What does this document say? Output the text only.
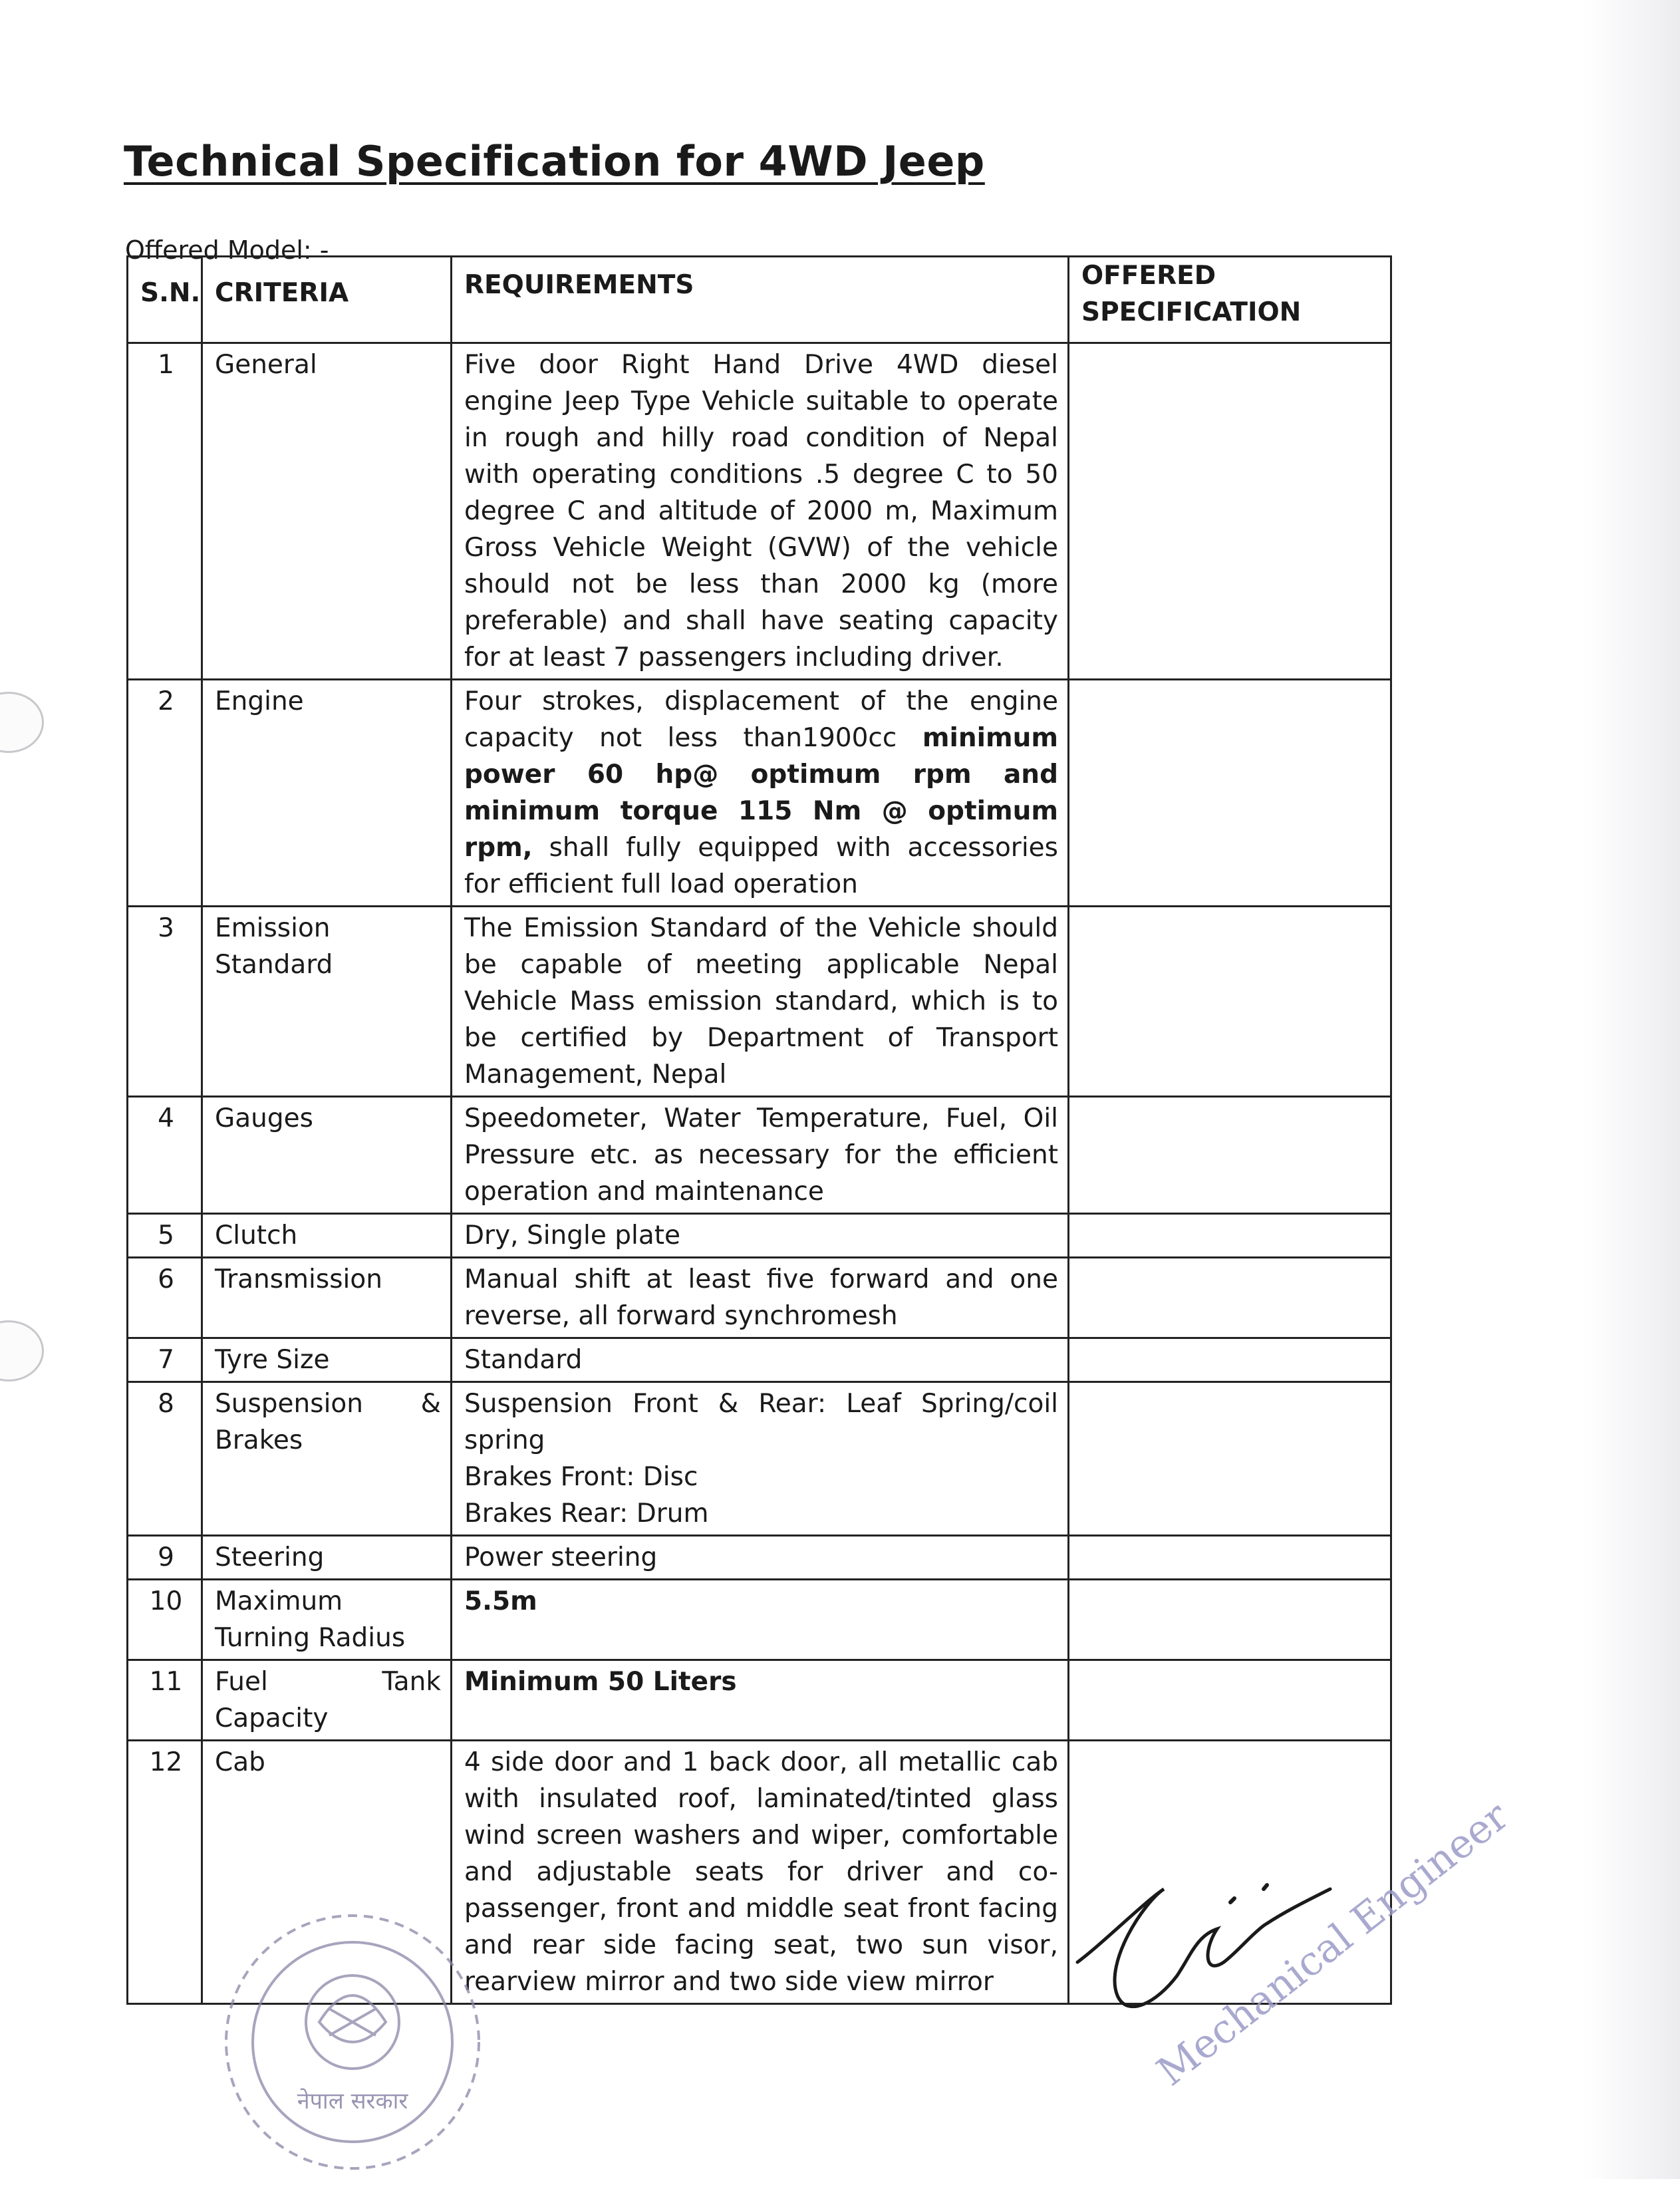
Technical Specification for 4WD Jeep
Offered Model: -
S.N.	CRITERIA	REQUIREMENTS	OFFERED SPECIFICATION
1	General	Five door Right Hand Drive 4WD diesel engine Jeep Type Vehicle suitable to operate in rough and hilly road condition of Nepal with operating conditions .5 degree C to 50 degree C and altitude of 2000 m, Maximum Gross Vehicle Weight (GVW) of the vehicle should not be less than 2000 kg (more preferable) and shall have seating capacity for at least 7 passengers including driver.	
2	Engine	Four strokes, displacement of the engine capacity not less than1900cc minimum power 60 hp@ optimum rpm and minimum torque 115 Nm @ optimum rpm, shall fully equipped with accessories for efficient full load operation	
3	Emission Standard	The Emission Standard of the Vehicle should be capable of meeting applicable Nepal Vehicle Mass emission standard, which is to be certified by Department of Transport Management, Nepal	
4	Gauges	Speedometer, Water Temperature, Fuel, Oil Pressure etc. as necessary for the efficient operation and maintenance	
5	Clutch	Dry, Single plate	
6	Transmission	Manual shift at least five forward and one reverse, all forward synchromesh	
7	Tyre Size	Standard	
8	Suspension & Brakes	Suspension Front & Rear: Leaf Spring/coil spring
Brakes Front: Disc
Brakes Rear: Drum	

9	Steering	Power steering	
10	Maximum Turning Radius	5.5m	
11	Fuel Tank Capacity	Minimum 50 Liters	
12	Cab	4 side door and 1 back door, all metallic cab with insulated roof, laminated/tinted glass wind screen washers and wiper, comfortable and adjustable seats for driver and co-passenger, front and middle seat front facing and rear side facing seat, two sun visor, rearview mirror and two side view mirror	
नेपाल सरकार
Mechanical Engineer
